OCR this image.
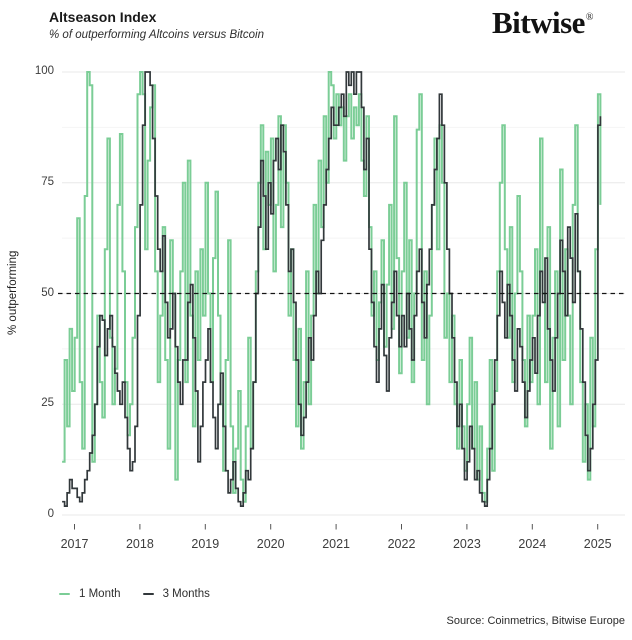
Altseason Index
% of outperforming Altcoins versus Bitcoin	Bitwise®
% outperforming
0
25
50
75
100
2017	2018	2019	2020	2021	2022	2023	2024	2025
1 Month	3 Months
Source: Coinmetrics, Bitwise Europe
